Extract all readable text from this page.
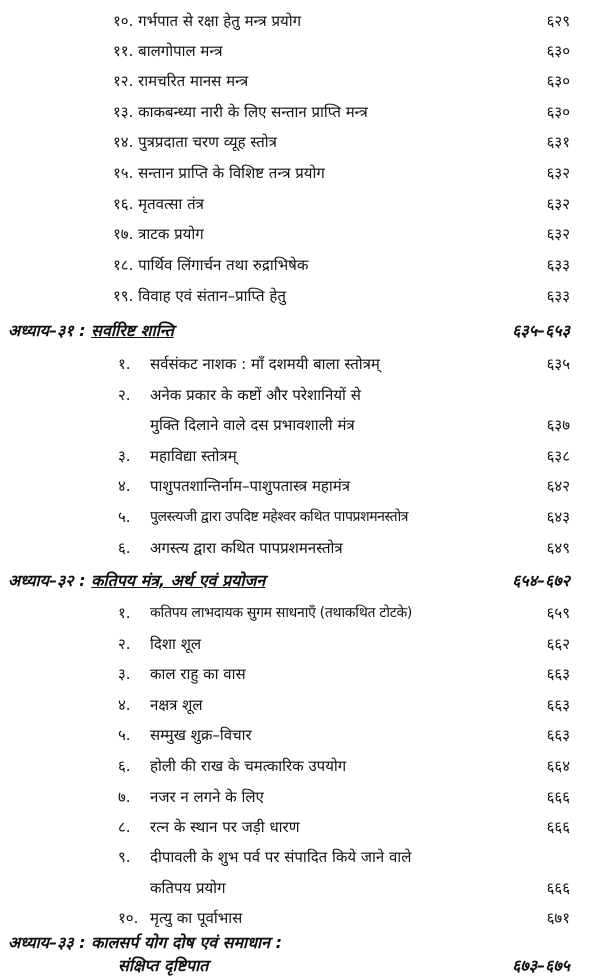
१०. गर्भपात से रक्षा हेतु मन्त्र प्रयोग	६२९
११. बालगोपाल मन्त्र	६३०
१२. रामचरित मानस मन्त्र	६३०
१३. काकबन्ध्या नारी के लिए सन्तान प्राप्ति मन्त्र	६३०
१४. पुत्रप्रदाता चरण व्यूह स्तोत्र	६३१
१५. सन्तान प्राप्ति के विशिष्ट तन्त्र प्रयोग	६३२
१६. मृतवत्सा तंत्र	६३२
१७. त्राटक प्रयोग	६३२
१८. पार्थिव लिंगार्चन तथा रुद्राभिषेक	६३३
१९. विवाह एवं संतान–प्राप्ति हेतु	६३३
अध्याय–३१ : सर्वारिष्ट शान्ति	६३५–६५३
१. सर्वसंकट नाशक : माँ दशमयी बाला स्तोत्रम्	६३५
२. अनेक प्रकार के कष्टों और परेशानियों से
मुक्ति दिलाने वाले दस प्रभावशाली मंत्र	६३७
३. महाविद्या स्तोत्रम्	६३८
४. पाशुपतशान्तिर्नाम–पाशुपतास्त्र महामंत्र	६४२
५. पुलस्त्यजी द्वारा उपदिष्ट महेश्वर कथित पापप्रशमनस्तोत्र	६४३
६. अगस्त्य द्वारा कथित पापप्रशमनस्तोत्र	६४९
अध्याय–३२ : कतिपय मंत्र, अर्थ एवं प्रयोजन	६५४–६७२
१. कतिपय लाभदायक सुगम साधनाएँ (तथाकथित टोटके)	६५९
२. दिशा शूल	६६२
३. काल राहु का वास	६६३
४. नक्षत्र शूल	६६३
५. सम्मुख शुक्र–विचार	६६३
६. होली की राख के चमत्कारिक उपयोग	६६४
७. नजर न लगने के लिए	६६६
८. रत्न के स्थान पर जड़ी धारण	६६६
९. दीपावली के शुभ पर्व पर संपादित किये जाने वाले
कतिपय प्रयोग	६६६
१०. मृत्यु का पूर्वाभास	६७१
अध्याय–३३ : कालसर्प योग दोष एवं समाधान :
संक्षिप्त दृष्टिपात	६७३–६७५
